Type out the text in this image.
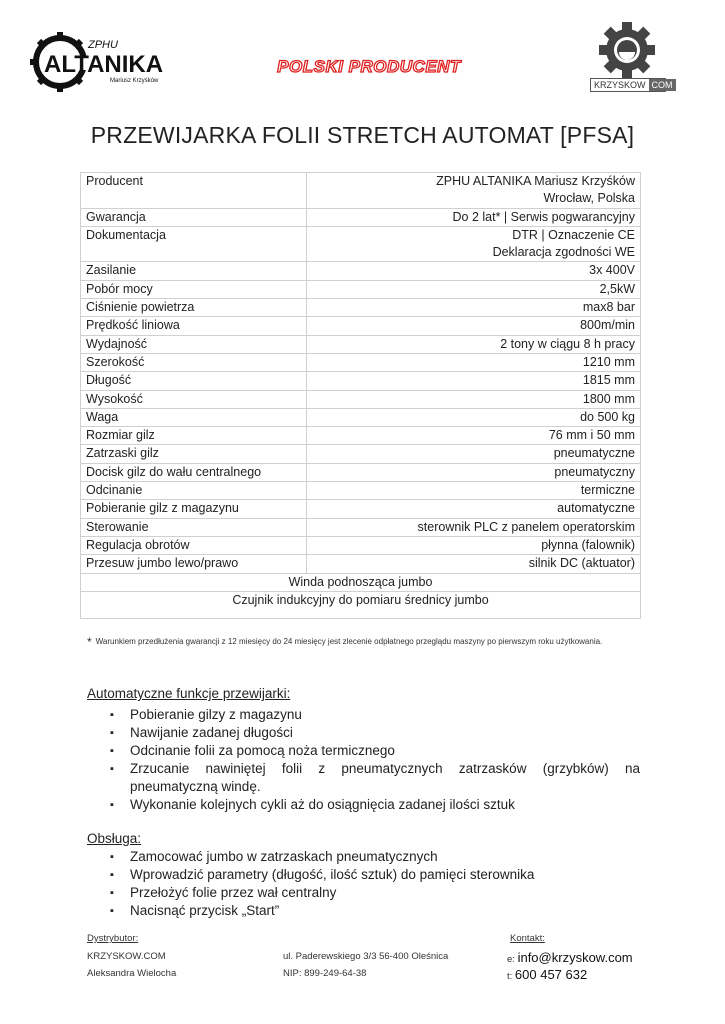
ZPHU
ALTANIKA
Mariusz Krzyśków
POLSKI PRODUCENT
KRZYSKOW COM
PRZEWIJARKA FOLII STRETCH AUTOMAT [PFSA]
Producent	ZPHU ALTANIKA Mariusz Krzyśków
Wrocław, Polska

Gwarancja	Do 2 lat* | Serwis pogwarancyjny

Dokumentacja	DTR | Oznaczenie CE
Deklaracja zgodności WE

Zasilanie	3x 400V

Pobór mocy	2,5kW

Ciśnienie powietrza	max8 bar

Prędkość liniowa	800m/min

Wydajność	2 tony w ciągu 8 h pracy

Szerokość	1210 mm

Długość	1815 mm

Wysokość	1800 mm

Waga	do 500 kg

Rozmiar gilz	76 mm i 50 mm

Zatrzaski gilz	pneumatyczne

Docisk gilz do wału centralnego	pneumatyczny

Odcinanie	termiczne

Pobieranie gilz z magazynu	automatyczne

Sterowanie	sterownik PLC z panelem operatorskim

Regulacja obrotów	płynna (falownik)

Przesuw jumbo lewo/prawo	silnik DC (aktuator)

Winda podnosząca jumbo	
Czujnik indukcyjny do pomiaru średnicy jumbo	
* Warunkiem przedłużenia gwarancji z 12 miesięcy do 24 miesięcy jest zlecenie odpłatnego przeglądu maszyny po pierwszym roku użytkowania.
Automatyczne funkcje przewijarki:
▪ Pobieranie gilzy z magazynu
▪ Nawijanie zadanej długości
▪ Odcinanie folii za pomocą noża termicznego
▪ Zrzucanie nawiniętej folii z pneumatycznych zatrzasków (grzybków) na pneumatyczną windę.
▪ Wykonanie kolejnych cykli aż do osiągnięcia zadanej ilości sztuk
Obsługa:
▪ Zamocować jumbo w zatrzaskach pneumatycznych
▪ Wprowadzić parametry (długość, ilość sztuk) do pamięci sterownika
▪ Przełożyć folie przez wał centralny
▪ Nacisnąć przycisk „Start”
Dystrybutor:
KRZYSKOW.COM
Aleksandra Wielocha
ul. Paderewskiego 3/3 56-400 Oleśnica
NIP: 899-249-64-38
Kontakt:
e: info@krzyskow.com
t: 600 457 632
